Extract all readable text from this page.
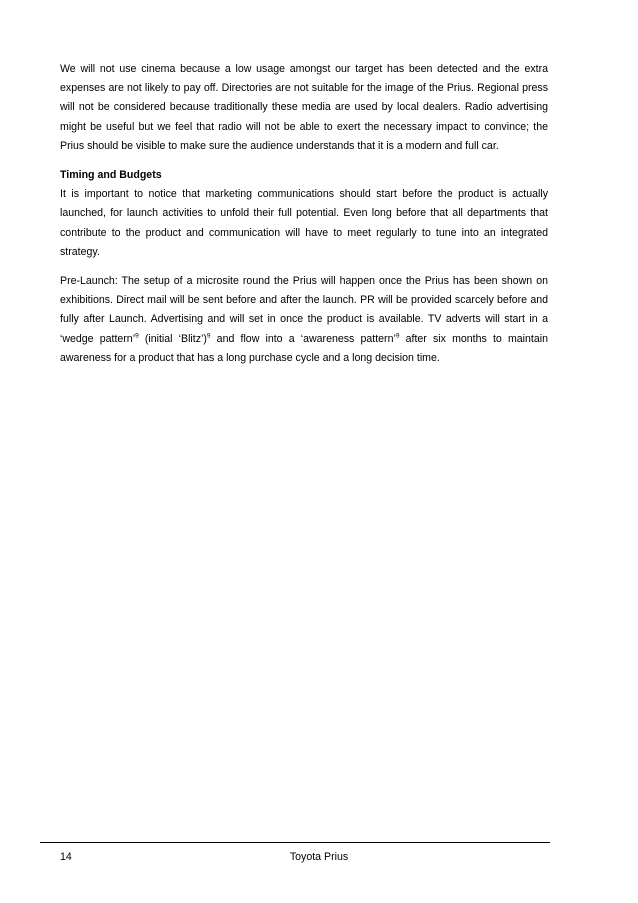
We will not use cinema because a low usage amongst our target has been detected and the extra expenses are not likely to pay off. Directories are not suitable for the image of the Prius. Regional press will not be considered because traditionally these media are used by local dealers. Radio advertising might be useful but we feel that radio will not be able to exert the necessary impact to convince; the Prius should be visible to make sure the audience understands that it is a modern and full car.

Timing and Budgets

It is important to notice that marketing communications should start before the product is actually launched, for launch activities to unfold their full potential. Even long before that all departments that contribute to the product and communication will have to meet regularly to tune into an integrated strategy.

Pre-Launch: The setup of a microsite round the Prius will happen once the Prius has been shown on exhibitions. Direct mail will be sent before and after the launch. PR will be provided scarcely before and fully after Launch. Advertising and will set in once the product is available. TV adverts will start in a ‘wedge pattern’$^9$ (initial ‘Blitz’)$^9$ and flow into a ‘awareness pattern’$^9$ after six months to maintain awareness for a product that has a long purchase cycle and a long decision time.

14	Toyota Prius
